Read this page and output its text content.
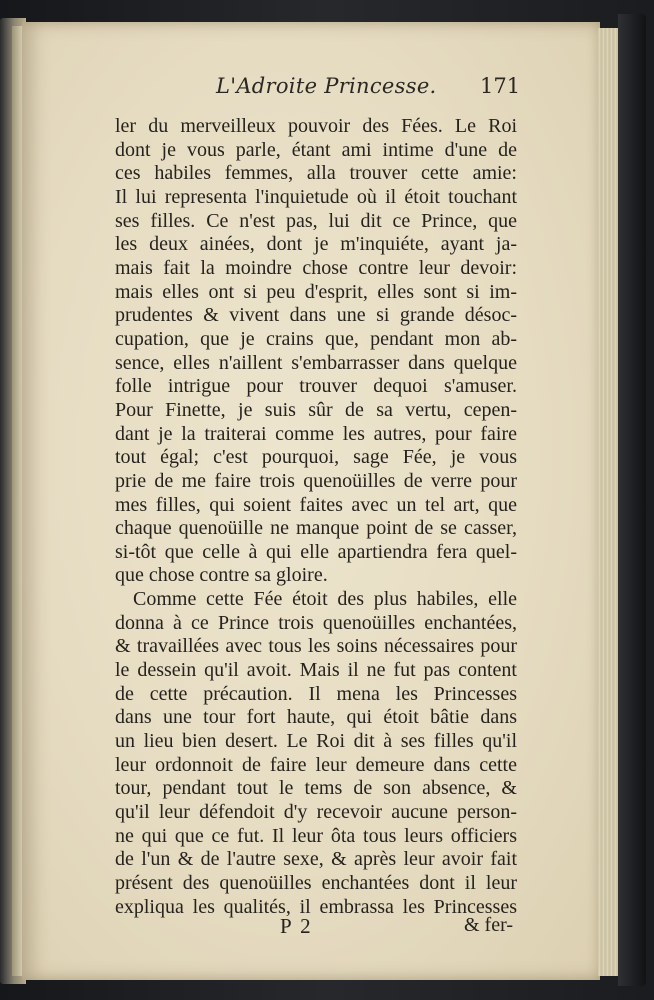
L'Adroite Princesse. 171
ler du merveilleux pouvoir des Fées. Le Roi
dont je vous parle, étant ami intime d'une de
ces habiles femmes, alla trouver cette amie:
Il lui representa l'inquietude où il étoit touchant
ses filles. Ce n'est pas, lui dit ce Prince, que
les deux ainées, dont je m'inquiéte, ayant ja-
mais fait la moindre chose contre leur devoir:
mais elles ont si peu d'esprit, elles sont si im-
prudentes & vivent dans une si grande désoc-
cupation, que je crains que, pendant mon ab-
sence, elles n'aillent s'embarrasser dans quelque
folle intrigue pour trouver dequoi s'amuser.
Pour Finette, je suis sûr de sa vertu, cepen-
dant je la traiterai comme les autres, pour faire
tout égal; c'est pourquoi, sage Fée, je vous
prie de me faire trois quenoüilles de verre pour
mes filles, qui soient faites avec un tel art, que
chaque quenoüille ne manque point de se casser,
si-tôt que celle à qui elle apartiendra fera quel-
que chose contre sa gloire.
Comme cette Fée étoit des plus habiles, elle
donna à ce Prince trois quenoüilles enchantées,
& travaillées avec tous les soins nécessaires pour
le dessein qu'il avoit. Mais il ne fut pas content
de cette précaution. Il mena les Princesses
dans une tour fort haute, qui étoit bâtie dans
un lieu bien desert. Le Roi dit à ses filles qu'il
leur ordonnoit de faire leur demeure dans cette
tour, pendant tout le tems de son absence, &
qu'il leur défendoit d'y recevoir aucune person-
ne qui que ce fut. Il leur ôta tous leurs officiers
de l'un & de l'autre sexe, & après leur avoir fait
présent des quenoüilles enchantées dont il leur
expliqua les qualités, il embrassa les Princesses
P 2	& fer-
